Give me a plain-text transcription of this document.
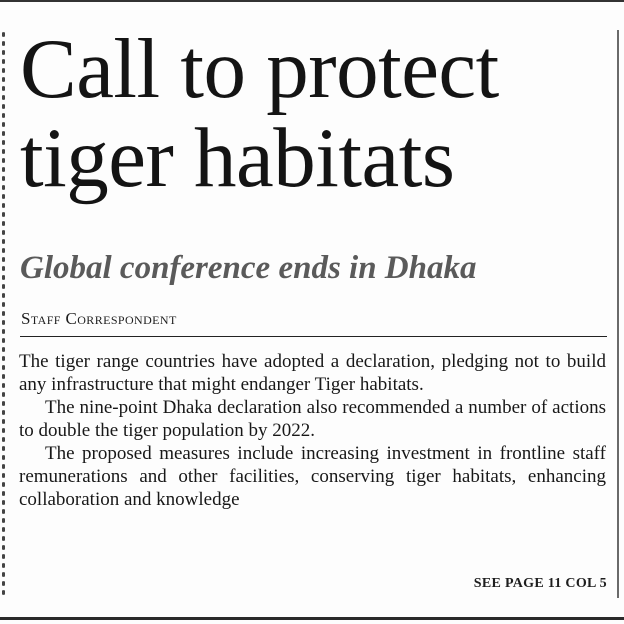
Call to protect tiger habitats
Global conference ends in Dhaka
Staff Correspondent

The tiger range countries have adopted a declaration, pledging not to build any infrastructure that might endanger Tiger habitats.

The nine-point Dhaka declaration also recommended a number of actions to double the tiger population by 2022.

The proposed measures include increasing investment in frontline staff remunerations and other facilities, conserving tiger habitats, enhancing collaboration and knowledge

SEE PAGE 11 COL 5
